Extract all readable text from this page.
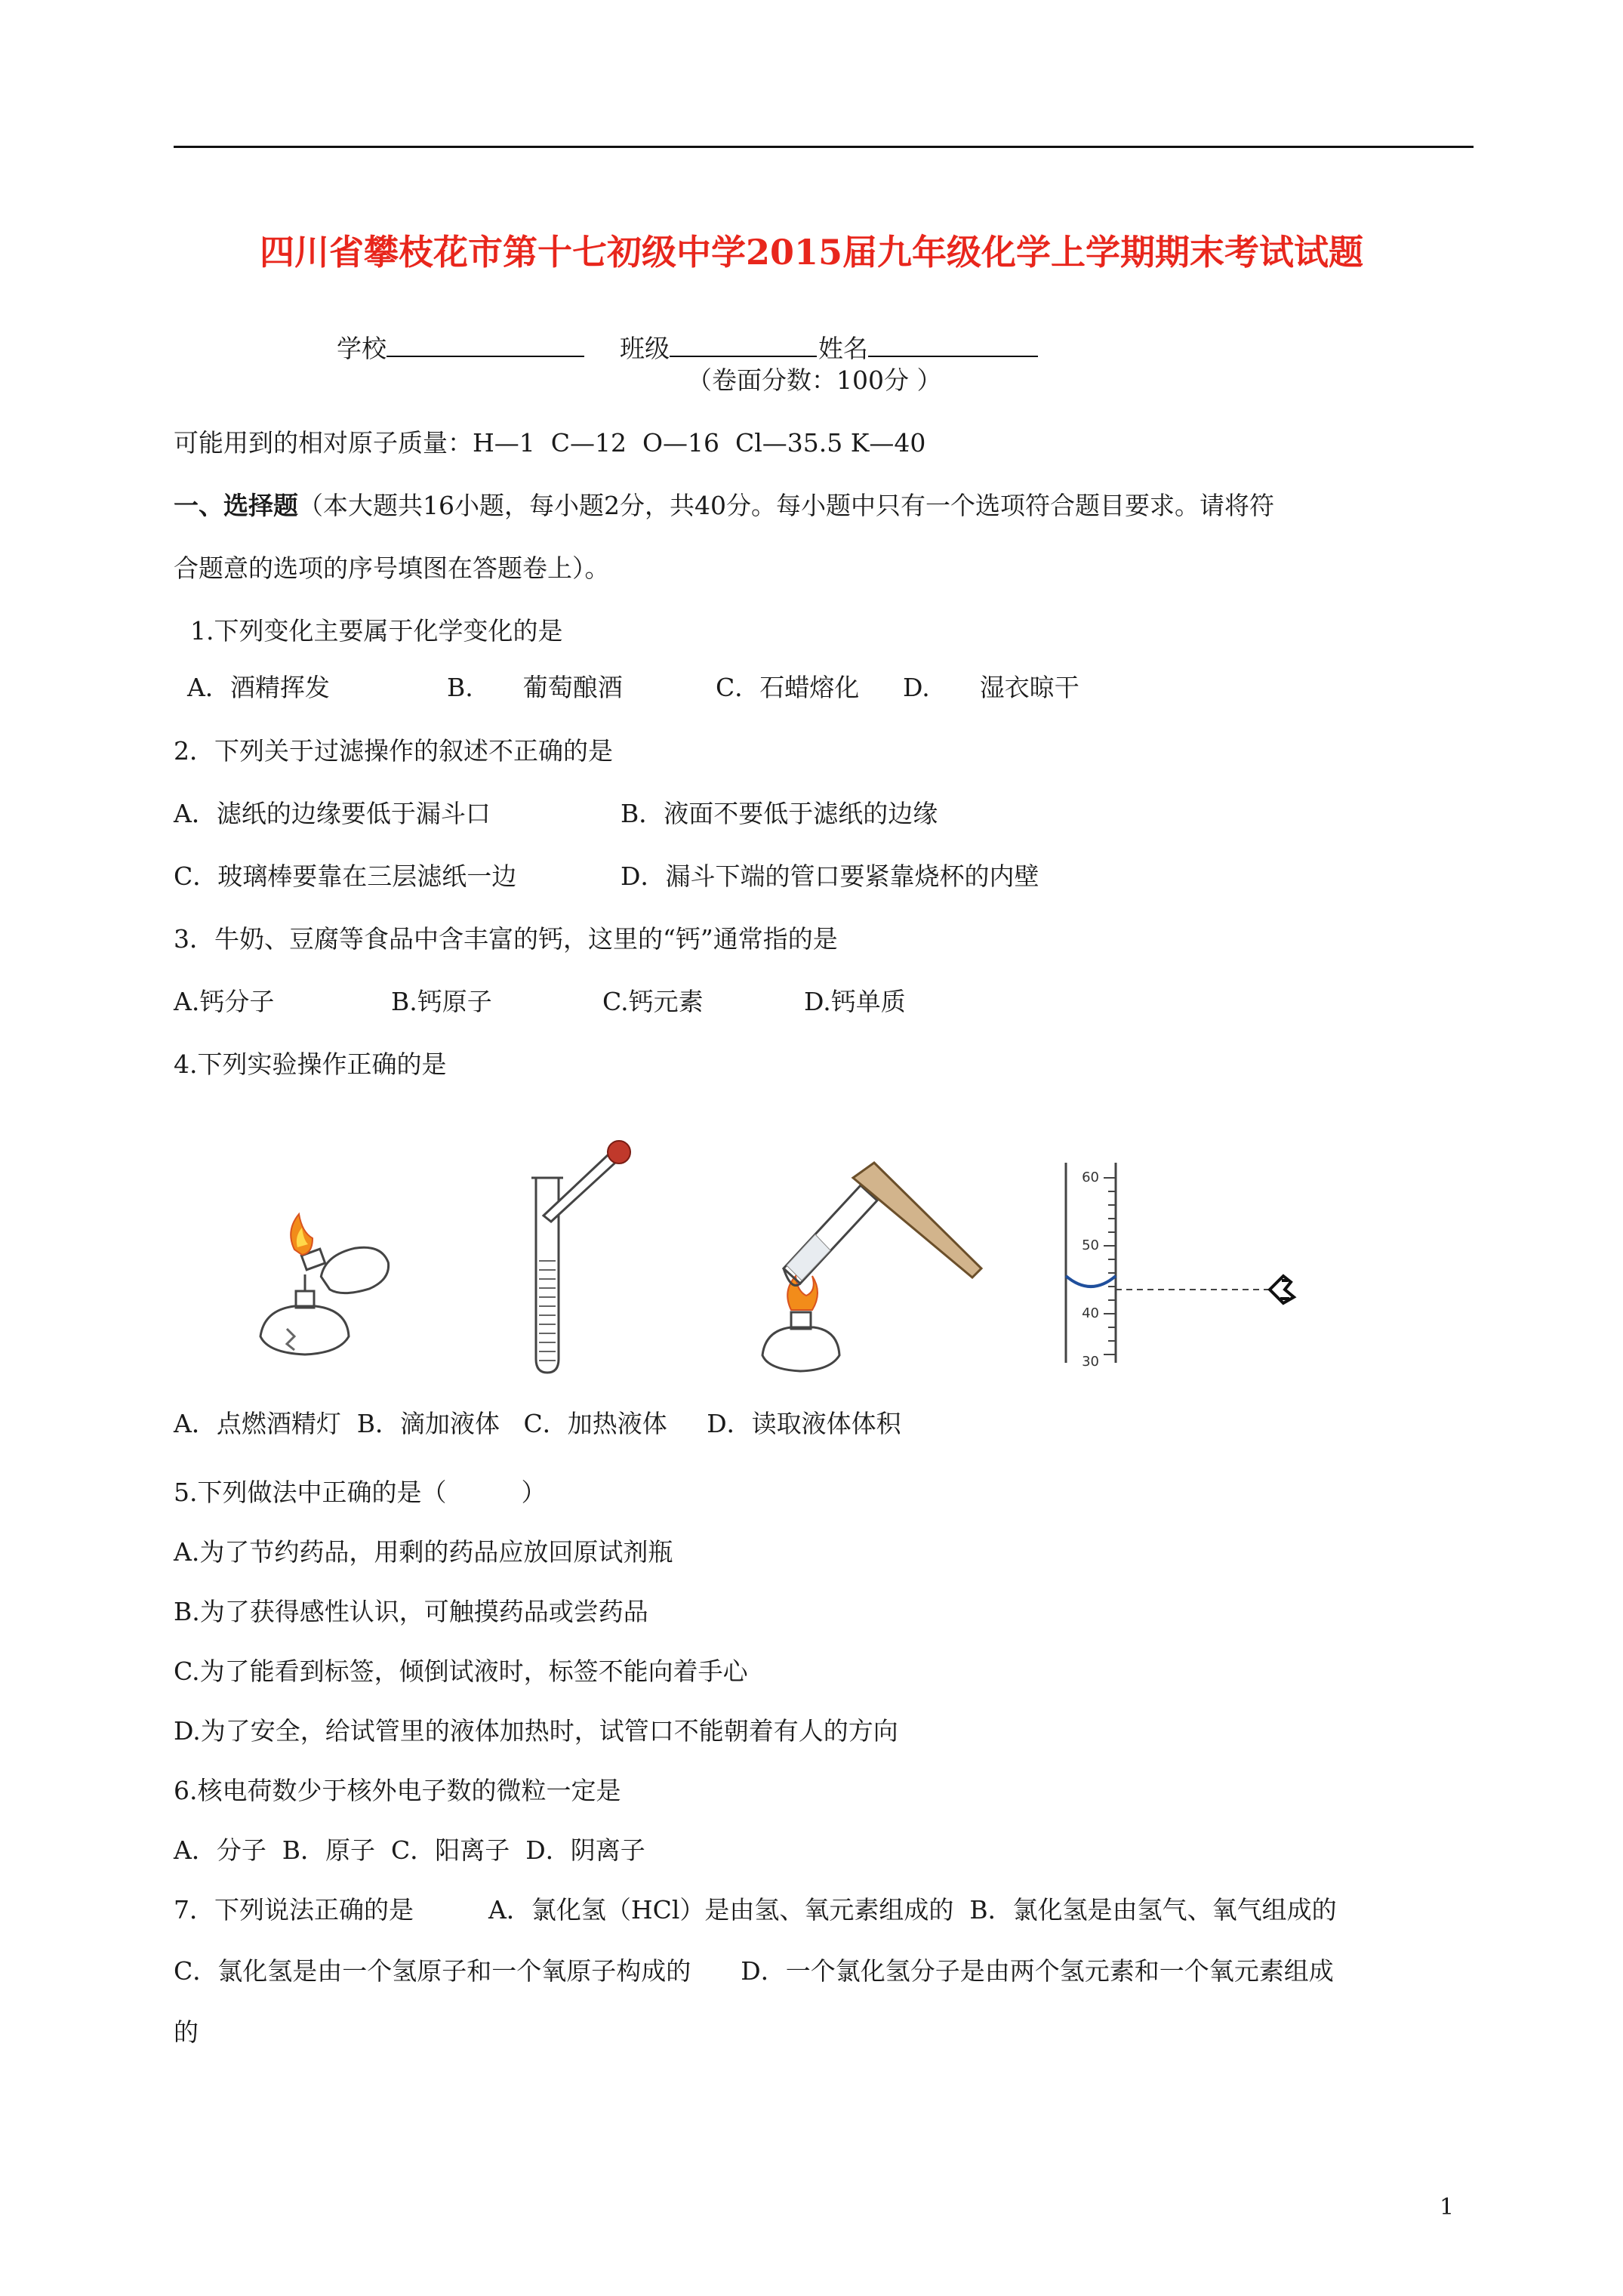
四川省攀枝花市第十七初级中学2015届九年级化学上学期期末考试试题

学校	班级	姓名

（卷面分数：100分 ）
可能用到的相对原子质量：H—1  C—12  O—16  Cl—35.5 K—40
一、选择题（本大题共16小题，每小题2分，共40分。每小题中只有一个选项符合题目要求。请将符
合题意的选项的序号填图在答题卷上）。
1.下列变化主要属于化学变化的是
A．酒精挥发	B.　　葡萄酿酒	C．石蜡熔化 D.　　湿衣晾干
2．下列关于过滤操作的叙述不正确的是
A．滤纸的边缘要低于漏斗口	B．液面不要低于滤纸的边缘
C．玻璃棒要靠在三层滤纸一边	D．漏斗下端的管口要紧靠烧杯的内壁
3．牛奶、豆腐等食品中含丰富的钙，这里的“钙”通常指的是
A.钙分子	B.钙原子	C.钙元素	D.钙单质
4.下列实验操作正确的是
60
50
40
30
A．点燃酒精灯  B．滴加液体   C．加热液体     D．读取液体体积
5.下列做法中正确的是（　　　）
A.为了节约药品，用剩的药品应放回原试剂瓶
B.为了获得感性认识，可触摸药品或尝药品
C.为了能看到标签，倾倒试液时，标签不能向着手心
D.为了安全，给试管里的液体加热时，试管口不能朝着有人的方向
6.核电荷数少于核外电子数的微粒一定是
A．分子  B．原子  C．阳离子  D．阴离子
7．下列说法正确的是　　　A．氯化氢（HCl）是由氢、氧元素组成的  B．氯化氢是由氢气、氧气组成的
C．氯化氢是由一个氢原子和一个氧原子构成的　　D．一个氯化氢分子是由两个氢元素和一个氧元素组成
的
1
